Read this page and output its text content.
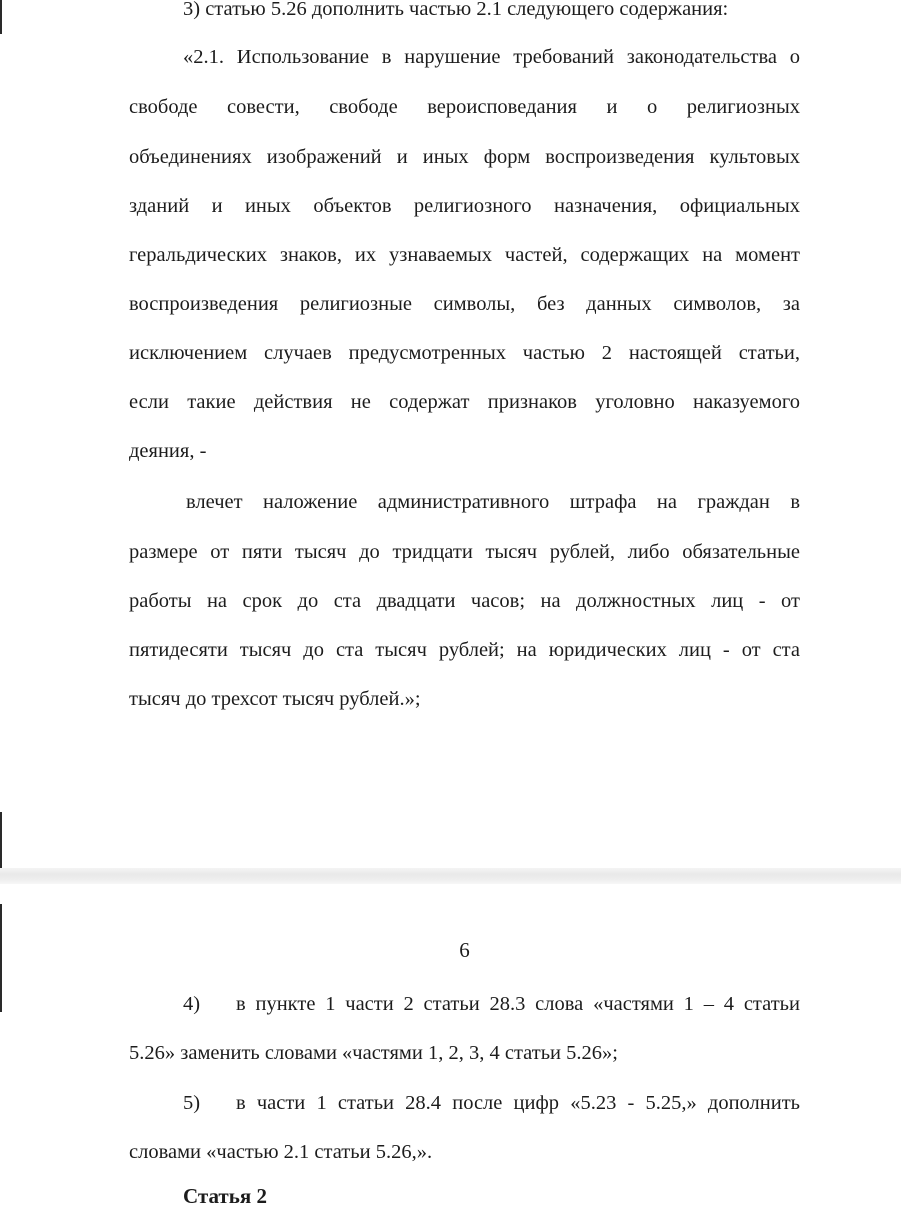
3) статью 5.26 дополнить частью 2.1 следующего содержания:

«2.1. Использование в нарушение требований законодательства о

свободе совести, свободе вероисповедания и о религиозных

объединениях изображений и иных форм воспроизведения культовых

зданий и иных объектов религиозного назначения, официальных

геральдических знаков, их узнаваемых частей, содержащих на момент

воспроизведения религиозные символы, без данных символов, за

исключением случаев предусмотренных частью 2 настоящей статьи,

если такие действия не содержат признаков уголовно наказуемого

деяния, -

влечет наложение административного штрафа на граждан в

размере от пяти тысяч до тридцати тысяч рублей, либо обязательные

работы на срок до ста двадцати часов; на должностных лиц - от

пятидесяти тысяч до ста тысяч рублей; на юридических лиц - от ста

тысяч до трехсот тысяч рублей.»;

6
4) в пункте 1 части 2 статьи 28.3 слова «частями 1 – 4 статьи

5.26» заменить словами «частями 1, 2, 3, 4 статьи 5.26»;

5) в части 1 статьи 28.4 после цифр «5.23 - 5.25,» дополнить

словами «частью 2.1 статьи 5.26,».

Статья 2
